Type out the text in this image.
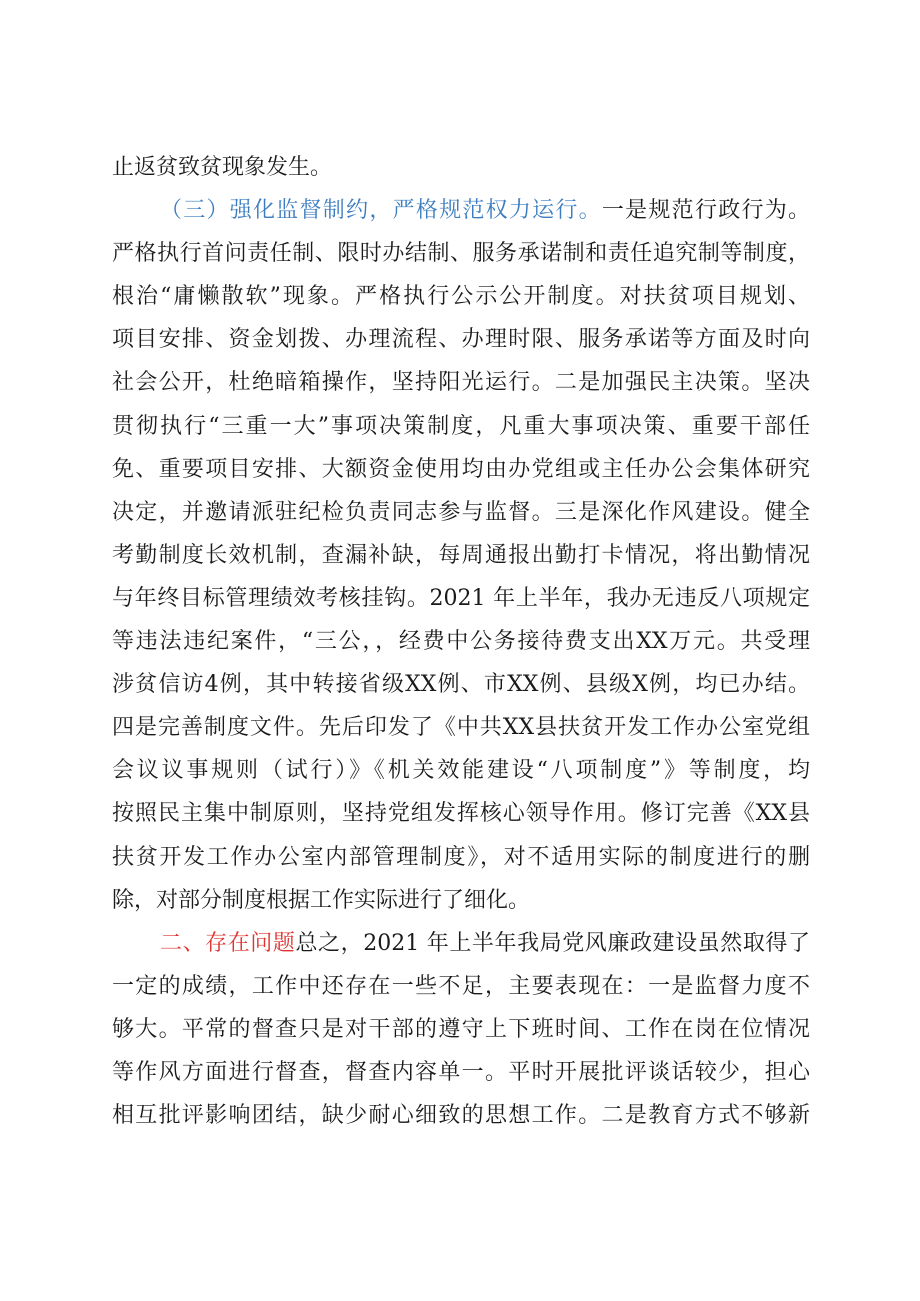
止返贫致贫现象发生。
（三）强化监督制约，严格规范权力运行。一是规范行政行为。
严格执行首问责任制、限时办结制、服务承诺制和责任追究制等制度，
根治“庸懒散软”现象。严格执行公示公开制度。对扶贫项目规划、
项目安排、资金划拨、办理流程、办理时限、服务承诺等方面及时向
社会公开，杜绝暗箱操作，坚持阳光运行。二是加强民主决策。坚决
贯彻执行“三重一大”事项决策制度，凡重大事项决策、重要干部任
免、重要项目安排、大额资金使用均由办党组或主任办公会集体研究
决定，并邀请派驻纪检负责同志参与监督。三是深化作风建设。健全
考勤制度长效机制，查漏补缺，每周通报出勤打卡情况，将出勤情况
与年终目标管理绩效考核挂钩。2021 年上半年，我办无违反八项规定
等违法违纪案件，“三公，，经费中公务接待费支出XX万元。共受理
涉贫信访4例，其中转接省级XX例、市XX例、县级X例，均已办结。
四是完善制度文件。先后印发了《中共XX县扶贫开发工作办公室党组
会议议事规则（试行）》《机关效能建设“八项制度”》等制度，均
按照民主集中制原则，坚持党组发挥核心领导作用。修订完善《XX县
扶贫开发工作办公室内部管理制度》，对不适用实际的制度进行的删
除，对部分制度根据工作实际进行了细化。
二、存在问题总之，2021 年上半年我局党风廉政建设虽然取得了
一定的成绩，工作中还存在一些不足，主要表现在：一是监督力度不
够大。平常的督查只是对干部的遵守上下班时间、工作在岗在位情况
等作风方面进行督查，督查内容单一。平时开展批评谈话较少，担心
相互批评影响团结，缺少耐心细致的思想工作。二是教育方式不够新
